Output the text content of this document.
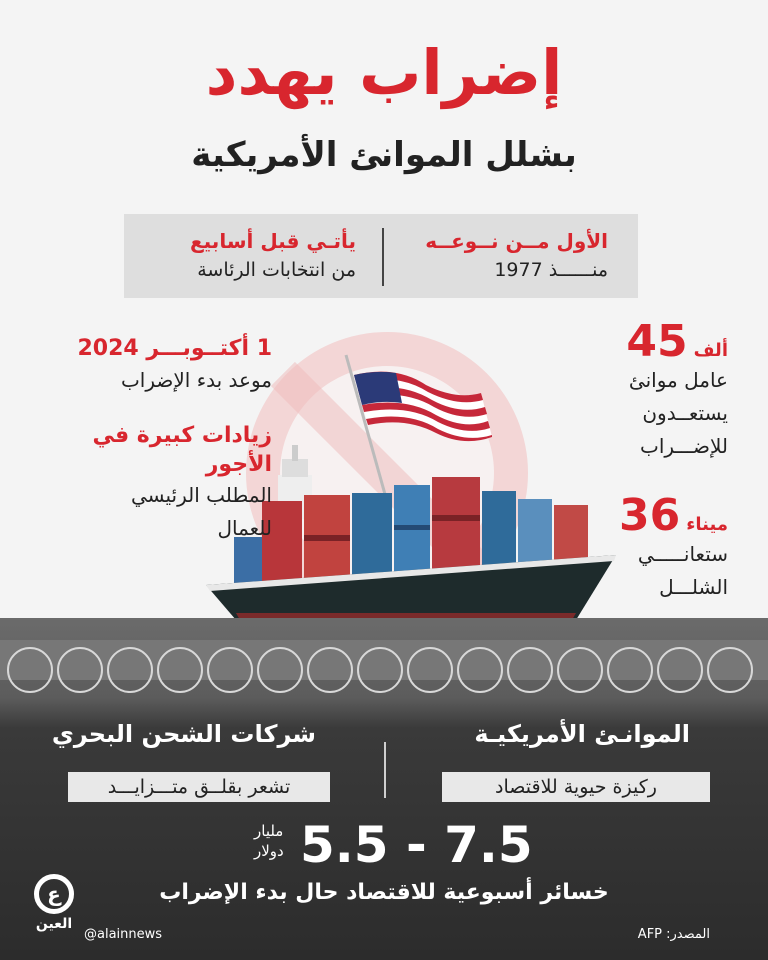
إضراب يهدد
بشلل الموانئ الأمريكية
الأول مــن نــوعــه
منــــــذ 1977
يأتـي قبل أسابيع
من انتخابات الرئاسة
ألف45
عامل موانئ
يستعــدون
للإضـــراب
ميناء36
ستعانـــــي
الشلـــل
1 أكتــوبـــر 2024
موعد بدء الإضراب
زيادات كبيرة في الأجور
المطلب الرئيسي
للعمال
الموانـئ الأمريكيـة
شركات الشحن البحري
ركيزة حيوية للاقتصاد
تشعر بقلــق متـــزايـــد
5.5 - 7.5
مليار
دولار
خسائر أسبوعية للاقتصاد حال بدء الإضراب
ع
العين
@alainnews	المصدر: AFP
